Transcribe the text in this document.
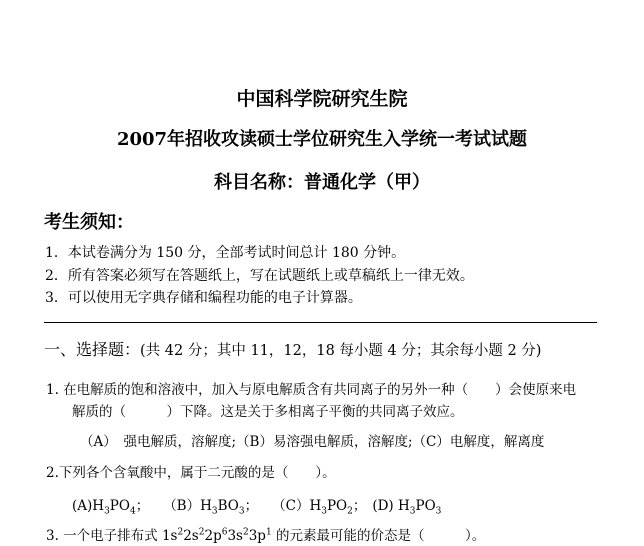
中国科学院研究生院
2007年招收攻读硕士学位研究生入学统一考试试题
科目名称：普通化学（甲）
考生须知：
1．本试卷满分为 150 分，全部考试时间总计 180 分钟。
2．所有答案必须写在答题纸上，写在试题纸上或草稿纸上一律无效。
3．可以使用无字典存储和编程功能的电子计算器。
一、选择题：(共 42 分；其中 11，12，18 每小题 4 分；其余每小题 2 分)
1. 在电解质的饱和溶液中，加入与原电解质含有共同离子的另外一种（　　）会使原来电
解质的（　　　）下降。这是关于多相离子平衡的共同离子效应。
（A）　强电解质，溶解度;（B）易溶强电解质，溶解度;（C）电解度，解离度
2.下列各个含氧酸中，属于二元酸的是（　　）。
$(A)H_3PO_4$； $(B)H_3BO_3$； $(C)H_3PO_2$； (D) $H_3PO_3$
3. 一个电子排布式 $1s^22s^22p^63s^23p^1$ 的元素最可能的价态是（　　　）。
